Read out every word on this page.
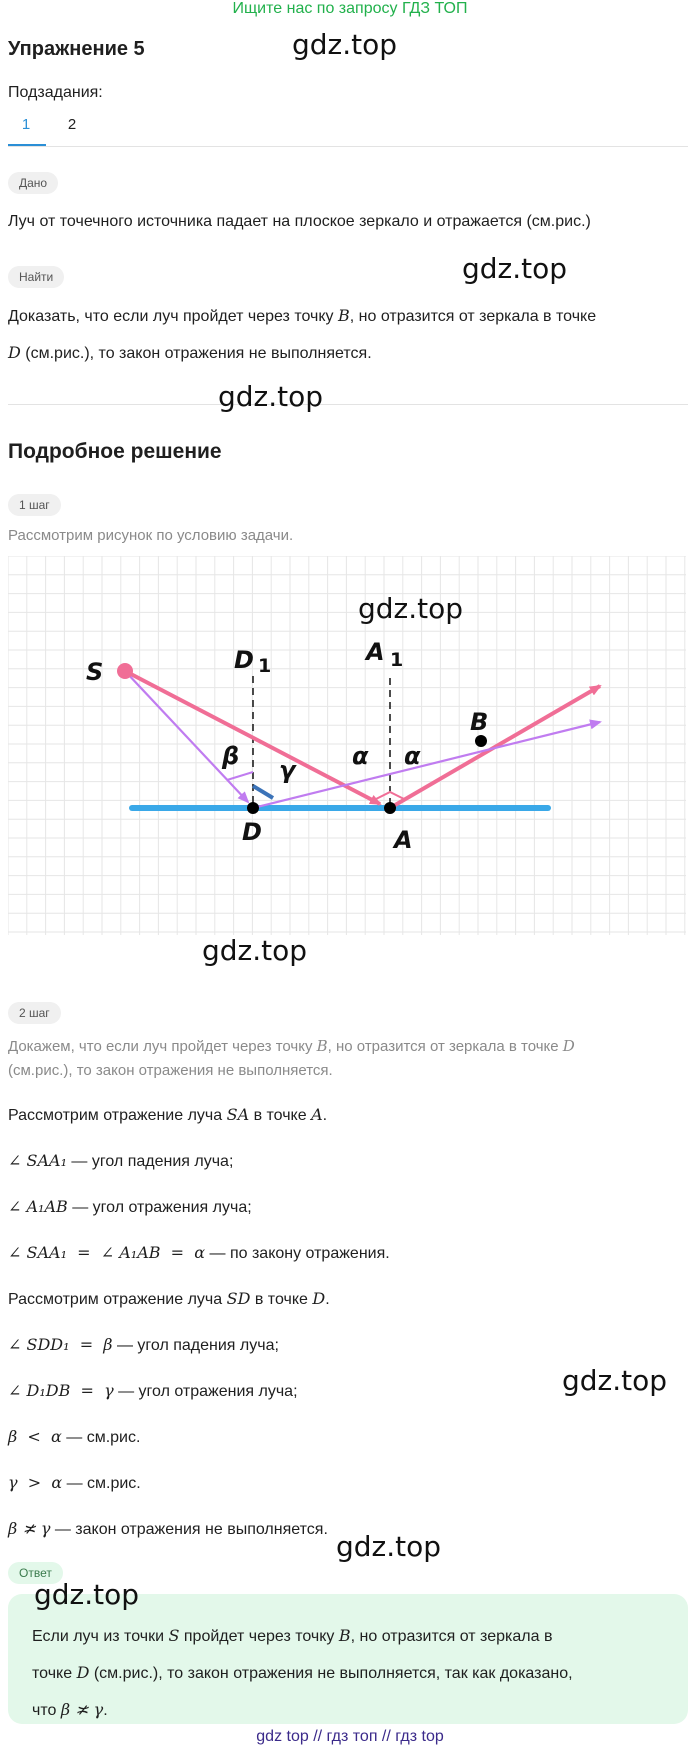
Ищите нас по запросу ГДЗ ТОП
Упражнение 5	gdz.top
Подзадания:
1	2
Дано
Луч от точечного источника падает на плоское зеркало и отражается (см.рис.)
Найти	gdz.top
Доказать, что если луч пройдет через точку B, но отразится от зеркала в точке
D (см.рис.), то закон отражения не выполняется.
gdz.top
Подробное решение
1 шаг
Рассмотрим рисунок по условию задачи.
S	D 1	A 1
β γ α α
B
D	A
gdz.top
gdz.top
2 шаг
Докажем, что если луч пройдет через точку B, но отразится от зеркала в точке D
(см.рис.), то закон отражения не выполняется.
Рассмотрим отражение луча SA в точке A.
∠ SAA₁ — угол падения луча;
∠ A₁AB — угол отражения луча;
∠ SAA₁  =  ∠ A₁AB  =  α — по закону отражения.
Рассмотрим отражение луча SD в точке D.
∠ SDD₁  =  β — угол падения луча;
∠ D₁DB  =  γ — угол отражения луча;
β  <  α — см.рис.
γ  >  α — см.рис.
β ≭ γ — закон отражения не выполняется.
gdz.top
gdz.top
Ответ
gdz.top
Если луч из точки S пройдет через точку B, но отразится от зеркала в
точке D (см.рис.), то закон отражения не выполняется, так как доказано,
что β ≭ γ.
gdz top // гдз топ // гдз top
